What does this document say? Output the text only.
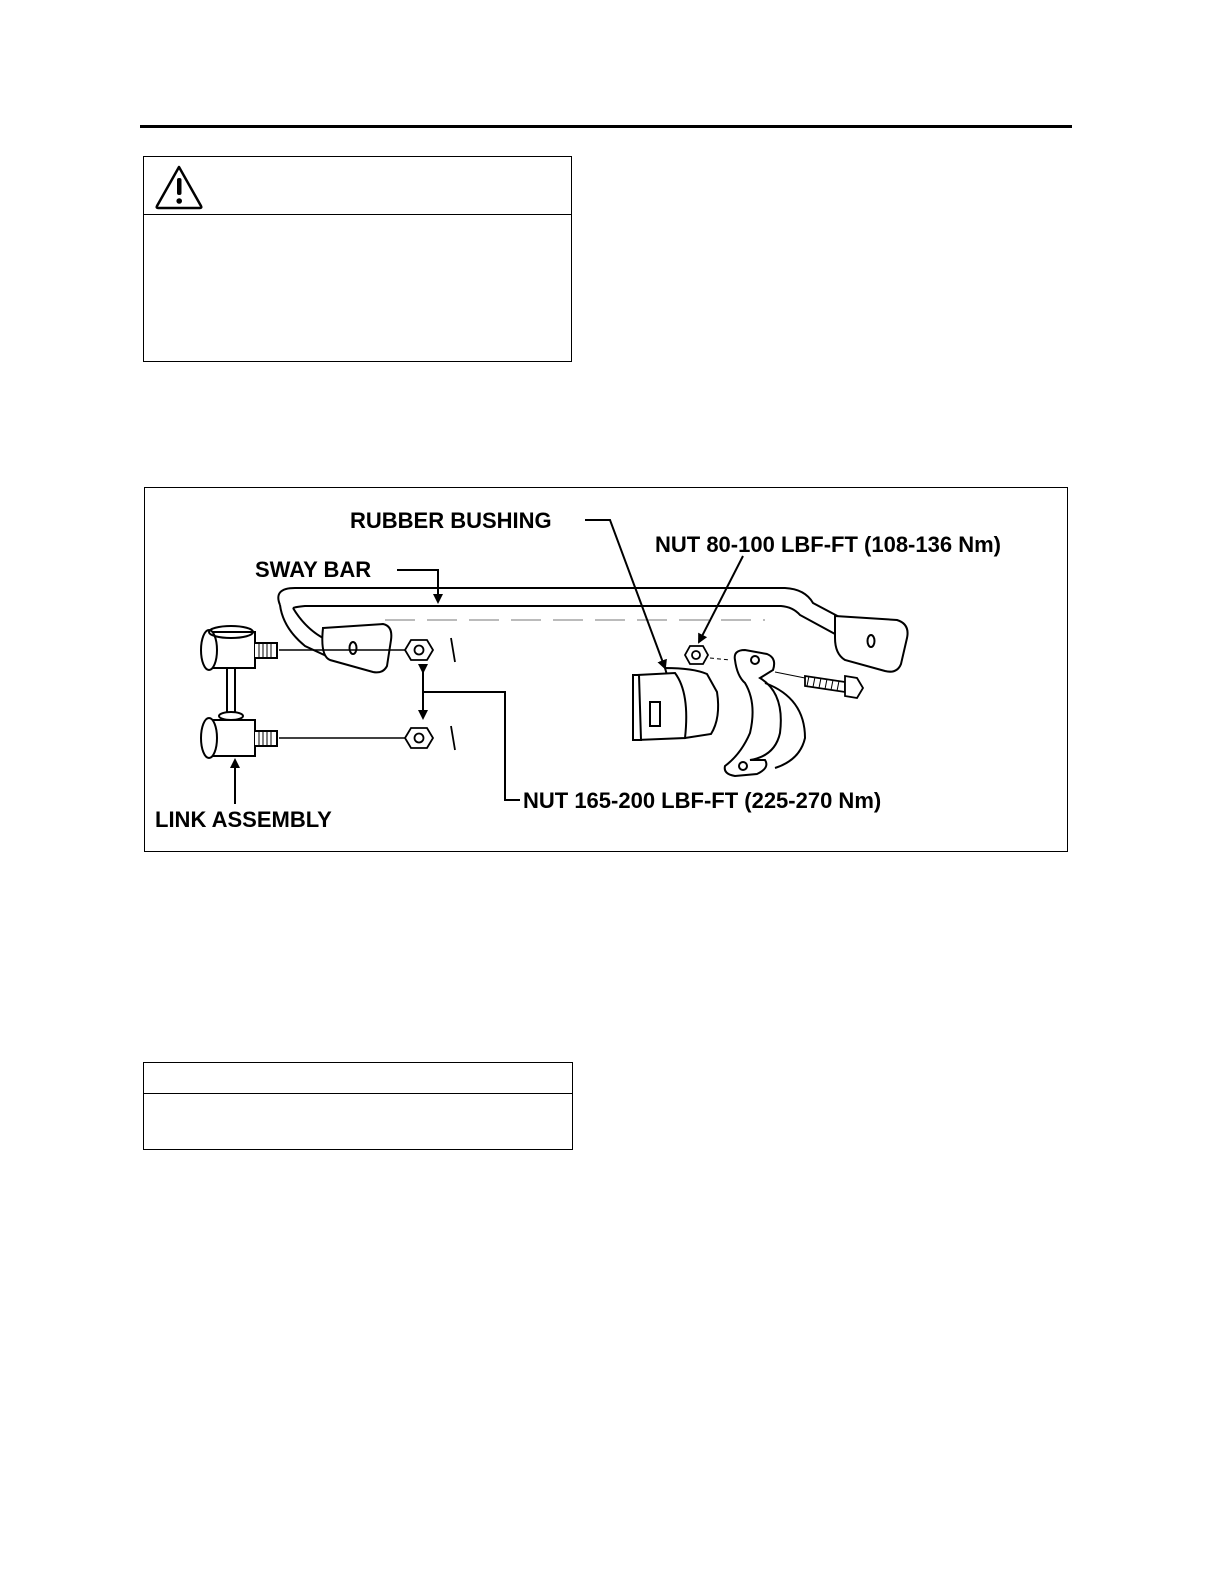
RUBBER BUSHING
SWAY BAR
NUT 80-100 LBF-FT (108-136 Nm)
NUT 165-200 LBF-FT (225-270 Nm)
LINK ASSEMBLY
